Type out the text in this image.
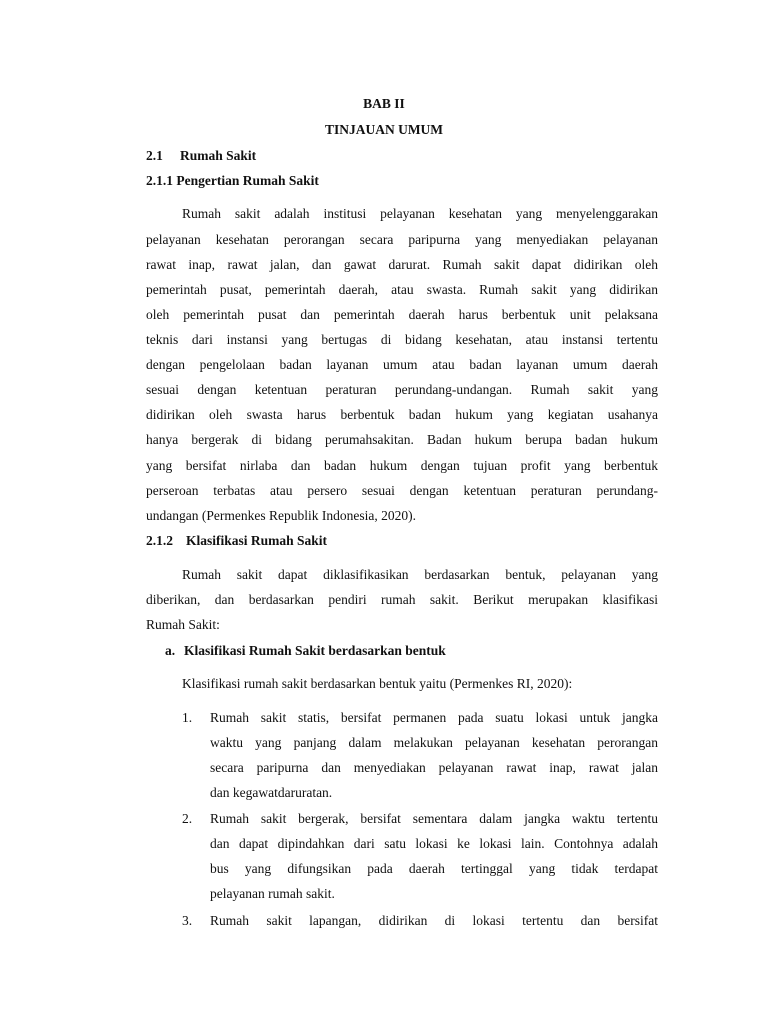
BAB II
TINJAUAN UMUM
2.1 Rumah Sakit
2.1.1 Pengertian Rumah Sakit
Rumah sakit adalah institusi pelayanan kesehatan yang menyelenggarakan
pelayanan kesehatan perorangan secara paripurna yang menyediakan pelayanan
rawat inap, rawat jalan, dan gawat darurat. Rumah sakit dapat didirikan oleh
pemerintah pusat, pemerintah daerah, atau swasta. Rumah sakit yang didirikan
oleh pemerintah pusat dan pemerintah daerah harus berbentuk unit pelaksana
teknis dari instansi yang bertugas di bidang kesehatan, atau instansi tertentu
dengan pengelolaan badan layanan umum atau badan layanan umum daerah
sesuai dengan ketentuan peraturan perundang-undangan. Rumah sakit yang
didirikan oleh swasta harus berbentuk badan hukum yang kegiatan usahanya
hanya bergerak di bidang perumahsakitan. Badan hukum berupa badan hukum
yang bersifat nirlaba dan badan hukum dengan tujuan profit yang berbentuk
perseroan terbatas atau persero sesuai dengan ketentuan peraturan perundang-
undangan (Permenkes Republik Indonesia, 2020).
2.1.2 Klasifikasi Rumah Sakit
Rumah sakit dapat diklasifikasikan berdasarkan bentuk, pelayanan yang
diberikan, dan berdasarkan pendiri rumah sakit. Berikut merupakan klasifikasi
Rumah Sakit:
a. Klasifikasi Rumah Sakit berdasarkan bentuk
Klasifikasi rumah sakit berdasarkan bentuk yaitu (Permenkes RI, 2020):
1. Rumah sakit statis, bersifat permanen pada suatu lokasi untuk jangka
waktu yang panjang dalam melakukan pelayanan kesehatan perorangan
secara paripurna dan menyediakan pelayanan rawat inap, rawat jalan
dan kegawatdaruratan.
2. Rumah sakit bergerak, bersifat sementara dalam jangka waktu tertentu
dan dapat dipindahkan dari satu lokasi ke lokasi lain. Contohnya adalah
bus yang difungsikan pada daerah tertinggal yang tidak terdapat
pelayanan rumah sakit.
3. Rumah sakit lapangan, didirikan di lokasi tertentu dan bersifat
